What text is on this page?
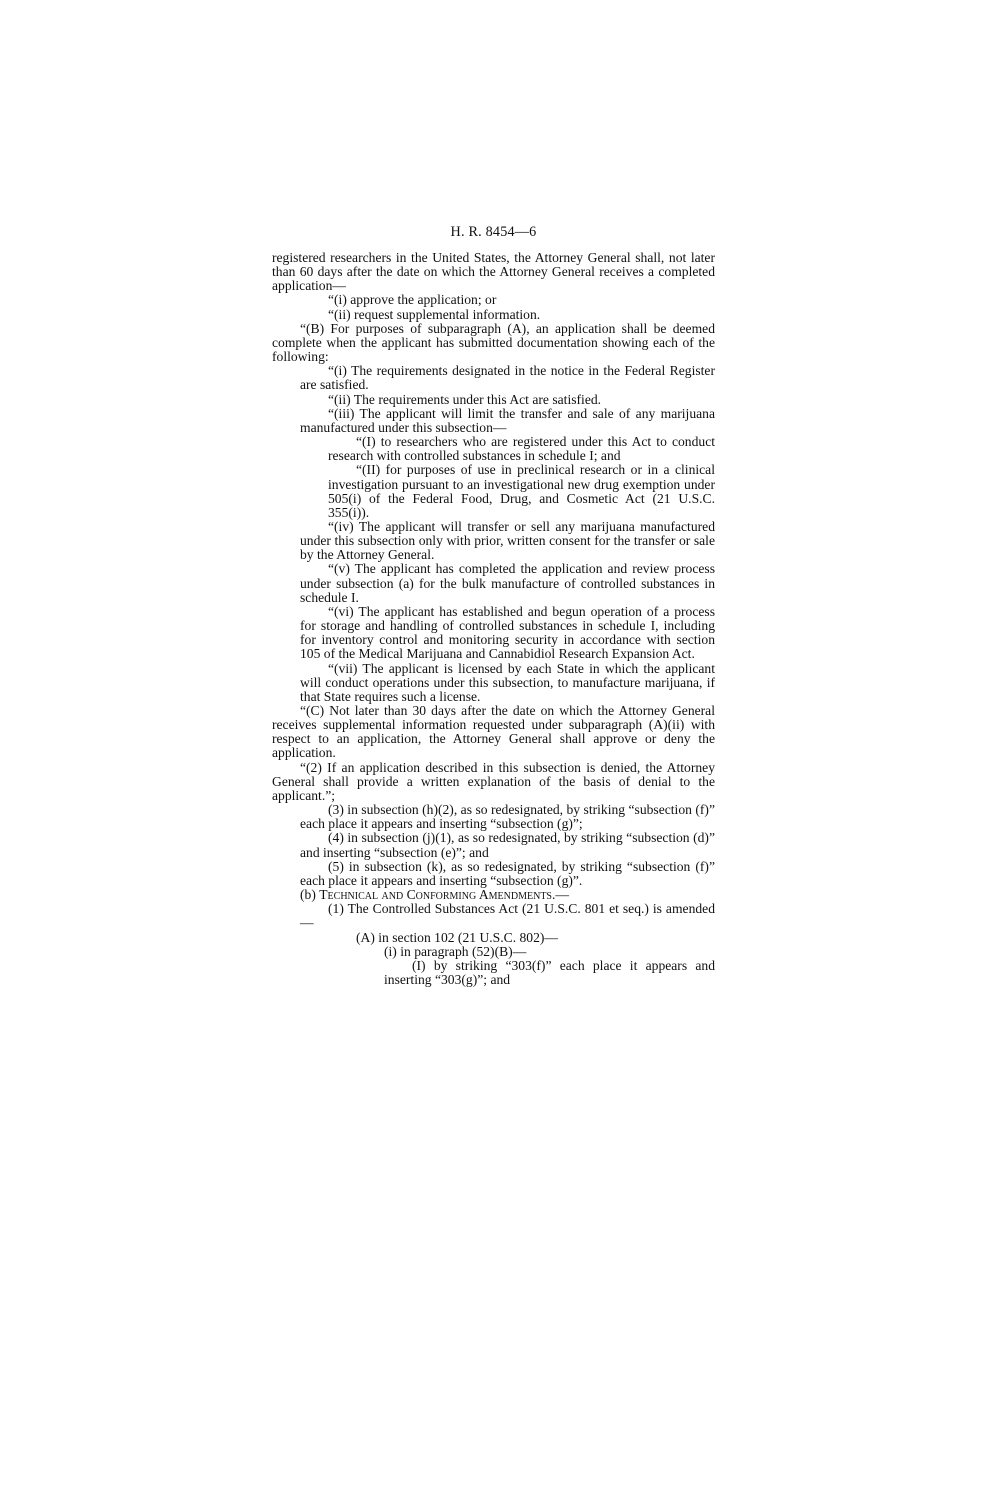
H. R. 8454—6

registered researchers in the United States, the Attorney General shall, not later than 60 days after the date on which the Attorney General receives a completed application—

“(i) approve the application; or

“(ii) request supplemental information.

“(B) For purposes of subparagraph (A), an application shall be deemed complete when the applicant has submitted documentation showing each of the following:

“(i) The requirements designated in the notice in the Federal Register are satisfied.

“(ii) The requirements under this Act are satisfied.

“(iii) The applicant will limit the transfer and sale of any marijuana manufactured under this subsection—

“(I) to researchers who are registered under this Act to conduct research with controlled substances in schedule I; and

“(II) for purposes of use in preclinical research or in a clinical investigation pursuant to an investigational new drug exemption under 505(i) of the Federal Food, Drug, and Cosmetic Act (21 U.S.C. 355(i)).

“(iv) The applicant will transfer or sell any marijuana manufactured under this subsection only with prior, written consent for the transfer or sale by the Attorney General.

“(v) The applicant has completed the application and review process under subsection (a) for the bulk manufacture of controlled substances in schedule I.

“(vi) The applicant has established and begun operation of a process for storage and handling of controlled substances in schedule I, including for inventory control and monitoring security in accordance with section 105 of the Medical Marijuana and Cannabidiol Research Expansion Act.

“(vii) The applicant is licensed by each State in which the applicant will conduct operations under this subsection, to manufacture marijuana, if that State requires such a license.

“(C) Not later than 30 days after the date on which the Attorney General receives supplemental information requested under subparagraph (A)(ii) with respect to an application, the Attorney General shall approve or deny the application.

“(2) If an application described in this subsection is denied, the Attorney General shall provide a written explanation of the basis of denial to the applicant.”;

(3) in subsection (h)(2), as so redesignated, by striking “subsection (f)” each place it appears and inserting “subsection (g)”;

(4) in subsection (j)(1), as so redesignated, by striking “subsection (d)” and inserting “subsection (e)”; and

(5) in subsection (k), as so redesignated, by striking “subsection (f)” each place it appears and inserting “subsection (g)”.

(b) Technical and Conforming Amendments.—

(1) The Controlled Substances Act (21 U.S.C. 801 et seq.) is amended—

(A) in section 102 (21 U.S.C. 802)—

(i) in paragraph (52)(B)—

(I) by striking “303(f)” each place it appears and inserting “303(g)”; and
